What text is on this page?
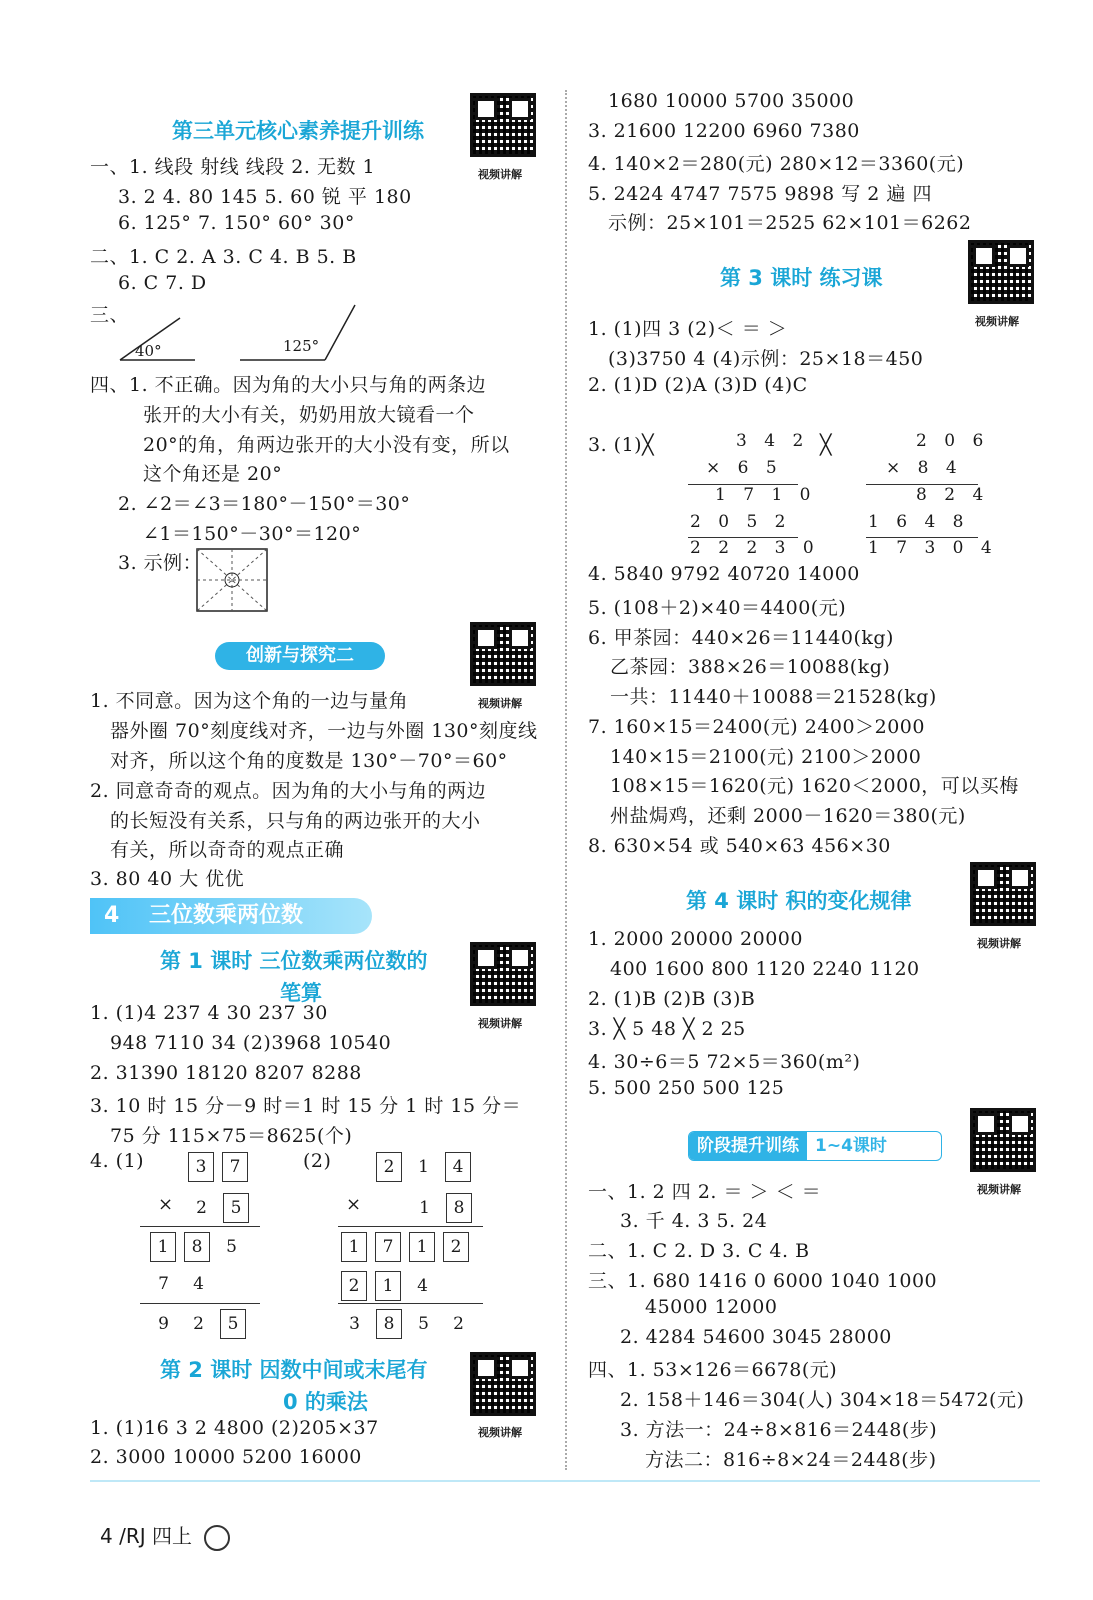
第三单元核心素养提升训练
视频讲解
一、1. 线段 射线 线段 2. 无数 1
3. 2 4. 80 145 5. 60 锐 平 180
6. 125° 7. 150° 60° 30°
二、1. C 2. A 3. C 4. B 5. B
6. C 7. D
三、
40°	125°
四、1. 不正确。因为角的大小只与角的两条边
张开的大小有关，奶奶用放大镜看一个
20°的角，角两边张开的大小没有变，所以
这个角还是 20°
2. ∠2＝∠3＝180°－150°＝30°
∠1＝150°－30°＝120°
3. 示例：
创新与探究二
视频讲解
1. 不同意。因为这个角的一边与量角
器外圈 70°刻度线对齐，一边与外圈 130°刻度线
对齐，所以这个角的度数是 130°－70°＝60°
2. 同意奇奇的观点。因为角的大小与角的两边
的长短没有关系，只与角的两边张开的大小
有关，所以奇奇的观点正确
3. 80 40 大 优优
4 三位数乘两位数
第 1 课时 三位数乘两位数的
笔算
视频讲解
1. (1)4 237 4 30 237 30
948 7110 34 (2)3968 10540
2. 31390 18120 8207 8288
3. 10 时 15 分－9 时＝1 时 15 分 1 时 15 分＝
75 分 115×75＝8625(个)
4. (1)	(2)
3 7
×	2 5
1 8 5
7 4
9 2 5
2 1 4
×	1 8
1 7 1 2
2 1 4
3 8 5 2
第 2 课时 因数中间或末尾有
0 的乘法
视频讲解
1. (1)16 3 2 4800 (2)205×37
2. 3000 10000 5200 16000
1680 10000 5700 35000
3. 21600 12200 6960 7380
4. 140×2＝280(元) 280×12＝3360(元)
5. 2424 4747 7575 9898 写 2 遍 四
示例：25×101＝2525 62×101＝6262
第 3 课时 练习课
视频讲解
1. (1)四 3 (2)＜ ＝ ＞
(3)3750 4 (4)示例：25×18＝450
2. (1)D (2)A (3)D (4)C
3. (1)╳	╳
3 4 2
× 6 5
1 7 1 0
2 0 5 2
2 2 2 3 0
2 0 6
× 8 4
8 2 4
1 6 4 8
1 7 3 0 4
4. 5840 9792 40720 14000
5. (108＋2)×40＝4400(元)
6. 甲茶园：440×26＝11440(kg)
乙茶园：388×26＝10088(kg)
一共：11440＋10088＝21528(kg)
7. 160×15＝2400(元) 2400＞2000
140×15＝2100(元) 2100＞2000
108×15＝1620(元) 1620＜2000，可以买梅
州盐焗鸡，还剩 2000－1620＝380(元)
8. 630×54 或 540×63 456×30
第 4 课时 积的变化规律
视频讲解
1. 2000 20000 20000
400 1600 800 1120 2240 1120
2. (1)B (2)B (3)B
3. ╳ 5 48 ╳ 2 25
4. 30÷6＝5 72×5＝360(m²)
5. 500 250 500 125
阶段提升训练 1~4课时
视频讲解
一、1. 2 四 2. ＝ ＞ ＜ ＝
3. 千 4. 3 5. 24
二、1. C 2. D 3. C 4. B
三、1. 680 1416 0 6000 1040 1000
45000 12000
2. 4284 54600 3045 28000
四、1. 53×126＝6678(元)
2. 158＋146＝304(人) 304×18＝5472(元)
3. 方法一：24÷8×816＝2448(步)
方法二：816÷8×24＝2448(步)
4 /RJ 四上
